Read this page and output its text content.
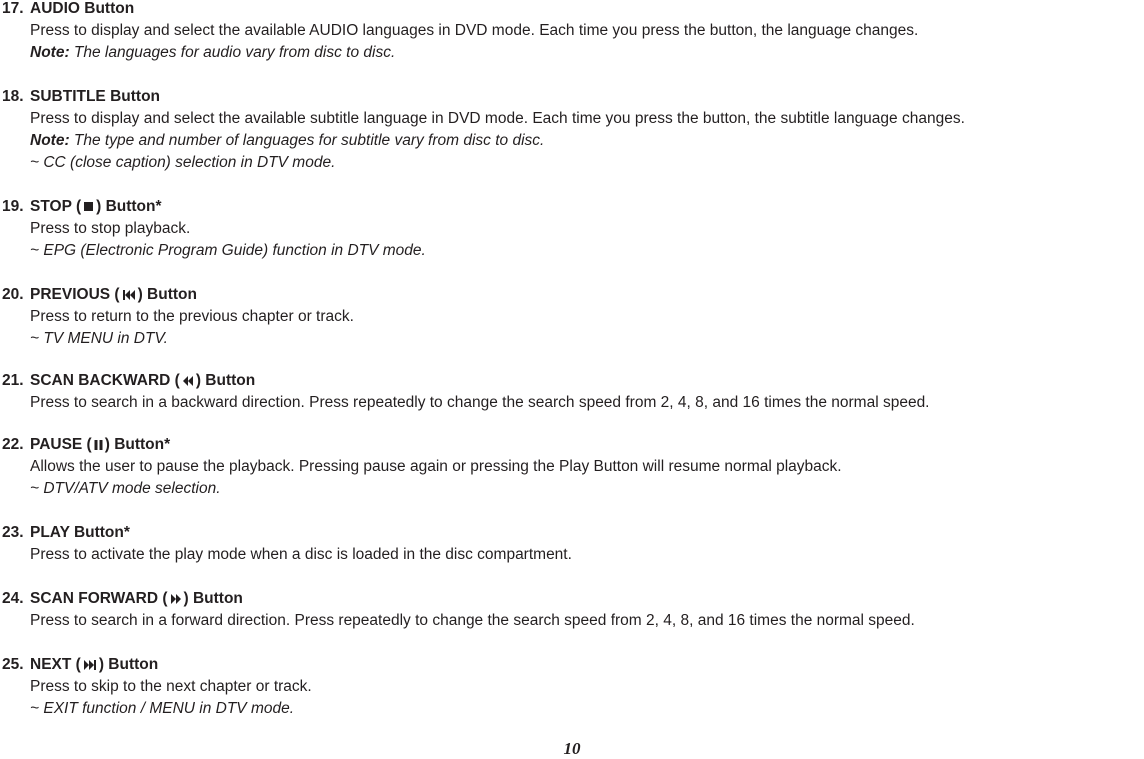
17. AUDIO Button
Press to display and select the available AUDIO languages in DVD mode. Each time you press the button, the language changes.
Note: The languages for audio vary from disc to disc.
18. SUBTITLE Button
Press to display and select the available subtitle language in DVD mode. Each time you press the button, the subtitle language changes.
Note: The type and number of languages for subtitle vary from disc to disc.
~ CC (close caption) selection in DTV mode.
19. STOP ( ) Button*
Press to stop playback.
~ EPG (Electronic Program Guide) function in DTV mode.
20. PREVIOUS ( ) Button
Press to return to the previous chapter or track.
~ TV MENU in DTV.
21. SCAN BACKWARD ( ) Button
Press to search in a backward direction. Press repeatedly to change the search speed from 2, 4, 8, and 16 times the normal speed.
22. PAUSE ( ) Button*
Allows the user to pause the playback. Pressing pause again or pressing the Play Button will resume normal playback.
~ DTV/ATV mode selection.
23. PLAY Button*
Press to activate the play mode when a disc is loaded in the disc compartment.
24. SCAN FORWARD ( ) Button
Press to search in a forward direction. Press repeatedly to change the search speed from 2, 4, 8, and 16 times the normal speed.
25. NEXT ( ) Button
Press to skip to the next chapter or track.
~ EXIT function / MENU in DTV mode.
10
